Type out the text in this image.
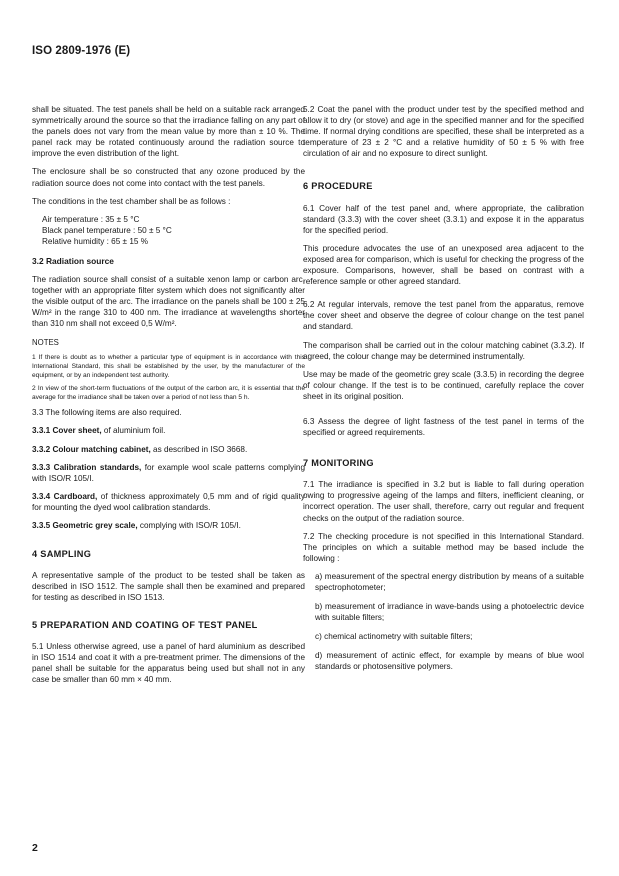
ISO 2809-1976 (E)

shall be situated. The test panels shall be held on a suitable rack arranged symmetrically around the source so that the irradiance falling on any part of the panels does not vary from the mean value by more than ± 10 %. The panel rack may be rotated continuously around the radiation source to improve the even distribution of the light.

The enclosure shall be so constructed that any ozone produced by the radiation source does not come into contact with the test panels.

The conditions in the test chamber shall be as follows :

Air temperature : 35 ± 5 °C
Black panel temperature : 50 ± 5 °C
Relative humidity : 65 ± 15 %
3.2 Radiation source

The radiation source shall consist of a suitable xenon lamp or carbon arc, together with an appropriate filter system which does not significantly alter the visible output of the arc. The irradiance on the panels shall be 100 ± 25 W/m² in the range 310 to 400 nm. The irradiance at wavelengths shorter than 310 nm shall not exceed 0,5 W/m².

NOTES

1 If there is doubt as to whether a particular type of equipment is in accordance with this International Standard, this shall be established by the user, by the manufacturer of the equipment, or by an independent test authority.

2 In view of the short-term fluctuations of the output of the carbon arc, it is essential that the average for the irradiance shall be taken over a period of not less than 5 h.

3.3 The following items are also required.

3.3.1 Cover sheet, of aluminium foil.

3.3.2 Colour matching cabinet, as described in ISO 3668.

3.3.3 Calibration standards, for example wool scale patterns complying with ISO/R 105/I.

3.3.4 Cardboard, of thickness approximately 0,5 mm and of rigid quality for mounting the dyed wool calibration standards.

3.3.5 Geometric grey scale, complying with ISO/R 105/I.

4 SAMPLING

A representative sample of the product to be tested shall be taken as described in ISO 1512. The sample shall then be examined and prepared for testing as described in ISO 1513.

5 PREPARATION AND COATING OF TEST PANEL

5.1 Unless otherwise agreed, use a panel of hard aluminium as described in ISO 1514 and coat it with a pre-treatment primer. The dimensions of the panel shall be suitable for the apparatus being used but shall not in any case be smaller than 60 mm × 40 mm.

5.2 Coat the panel with the product under test by the specified method and allow it to dry (or stove) and age in the specified manner and for the specified time. If normal drying conditions are specified, these shall be interpreted as a temperature of 23 ± 2 °C and a relative humidity of 50 ± 5 % with free circulation of air and no exposure to direct sunlight.

6 PROCEDURE

6.1 Cover half of the test panel and, where appropriate, the calibration standard (3.3.3) with the cover sheet (3.3.1) and expose it in the apparatus for the specified period.

This procedure advocates the use of an unexposed area adjacent to the exposed area for comparison, which is useful for checking the progress of the exposure. Comparisons, however, shall be based on contrast with a reference sample or other agreed standard.

6.2 At regular intervals, remove the test panel from the apparatus, remove the cover sheet and observe the degree of colour change on the test panel and standard.

The comparison shall be carried out in the colour matching cabinet (3.3.2). If agreed, the colour change may be determined instrumentally.

Use may be made of the geometric grey scale (3.3.5) in recording the degree of colour change. If the test is to be continued, carefully replace the cover sheet in its original position.

6.3 Assess the degree of light fastness of the test panel in terms of the specified or agreed requirements.

7 MONITORING

7.1 The irradiance is specified in 3.2 but is liable to fall during operation owing to progressive ageing of the lamps and filters, inefficient cleaning, or incorrect operation. The user shall, therefore, carry out regular and frequent checks on the output of the radiation source.

7.2 The checking procedure is not specified in this International Standard. The principles on which a suitable method may be based include the following :

a) measurement of the spectral energy distribution by means of a suitable spectrophotometer;

b) measurement of irradiance in wave-bands using a photoelectric device with suitable filters;

c) chemical actinometry with suitable filters;

d) measurement of actinic effect, for example by means of blue wool standards or photosensitive polymers.

2
